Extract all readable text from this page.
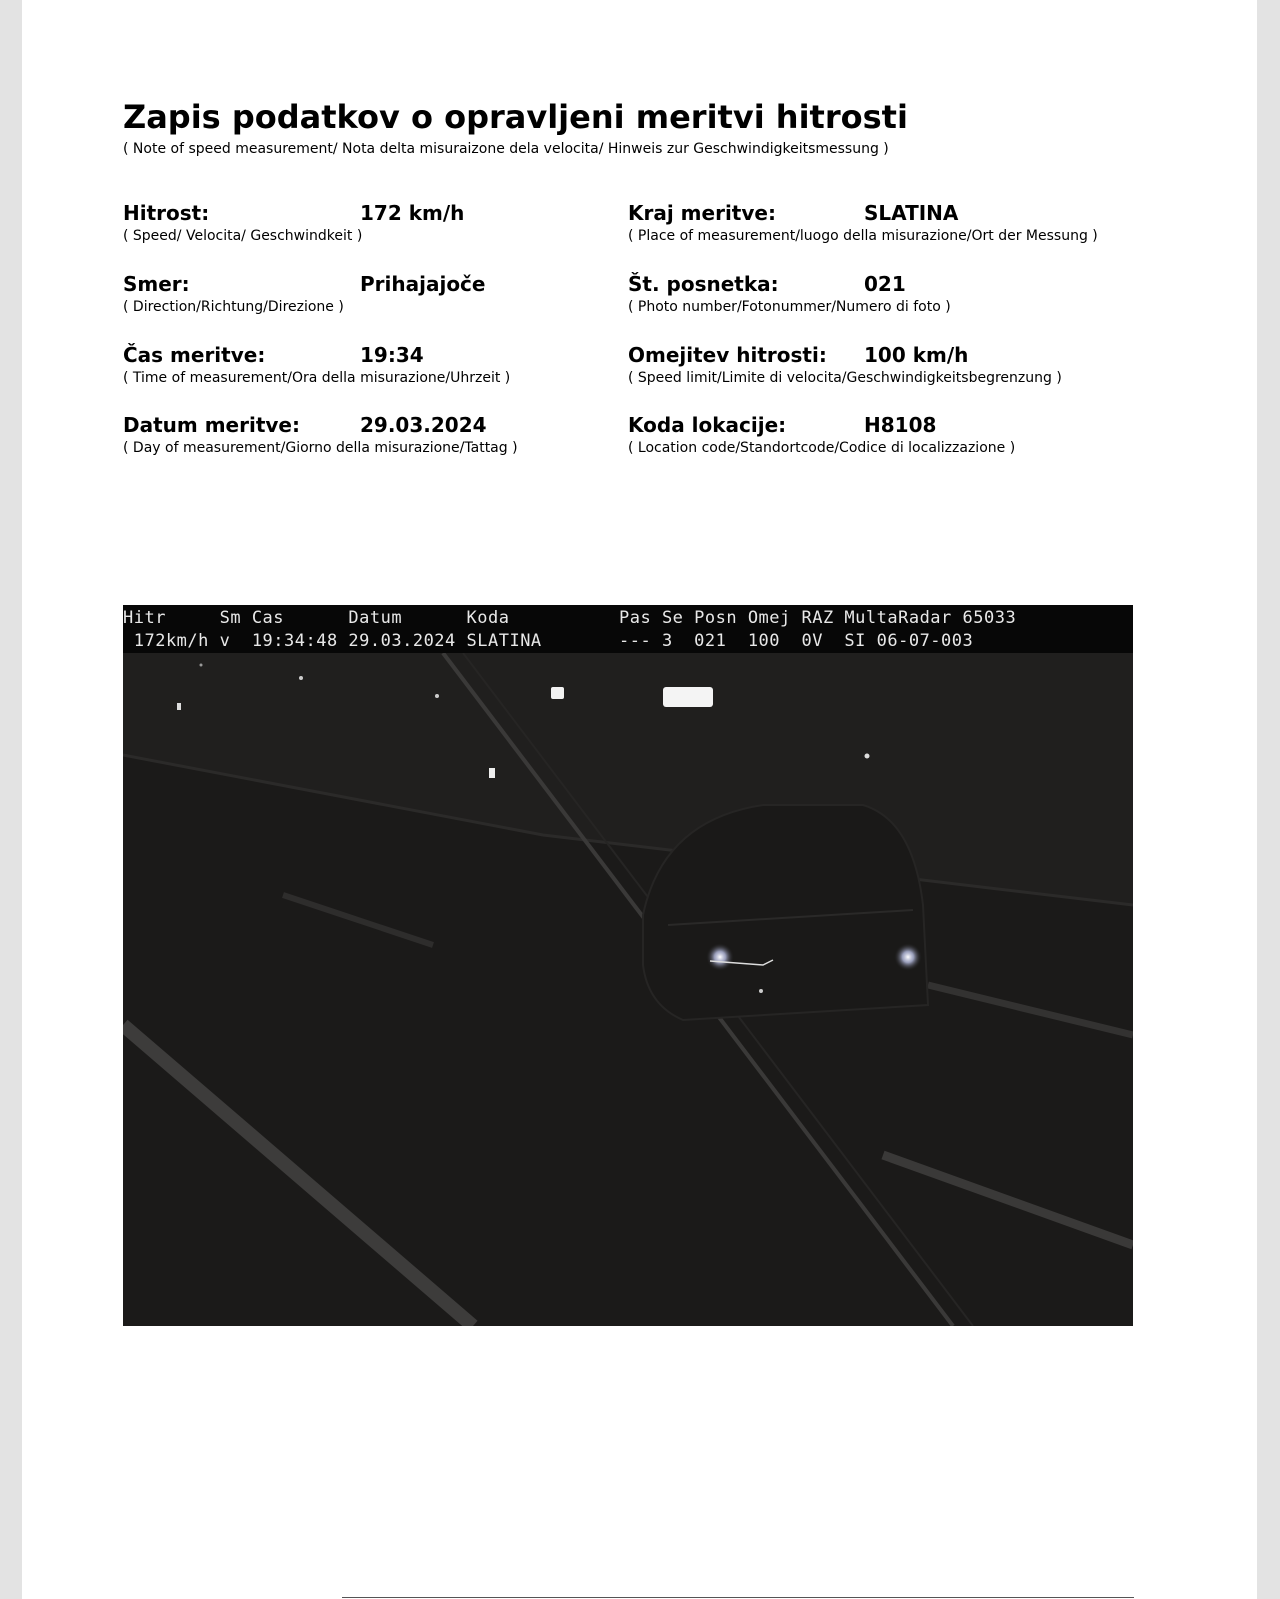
Zapis podatkov o opravljeni meritvi hitrosti
( Note of speed measurement/ Nota delta misuraizone dela velocita/ Hinweis zur Geschwindigkeitsmessung )
Hitrost:	172 km/h
( Speed/ Velocita/ Geschwindkeit )
Smer:	Prihajajoče
( Direction/Richtung/Direzione )
Čas meritve:	19:34
( Time of measurement/Ora della misurazione/Uhrzeit )
Datum meritve:	29.03.2024
( Day of measurement/Giorno della misurazione/Tattag )
Kraj meritve:	SLATINA
( Place of measurement/luogo della misurazione/Ort der Messung )
Št. posnetka:	021
( Photo number/Fotonummer/Numero di foto )
Omejitev hitrosti: 100 km/h
( Speed limit/Limite di velocita/Geschwindigkeitsbegrenzung )
Koda lokacije:	H8108
( Location code/Standortcode/Codice di localizzazione )
Hitr     Sm Cas      Datum      Koda
172km/h v  19:34:48 29.03.2024 SLATINA
Pas Se Posn Omej RAZ MultaRadar 65033
--- 3  021  100  0V  SI 06-07-003
